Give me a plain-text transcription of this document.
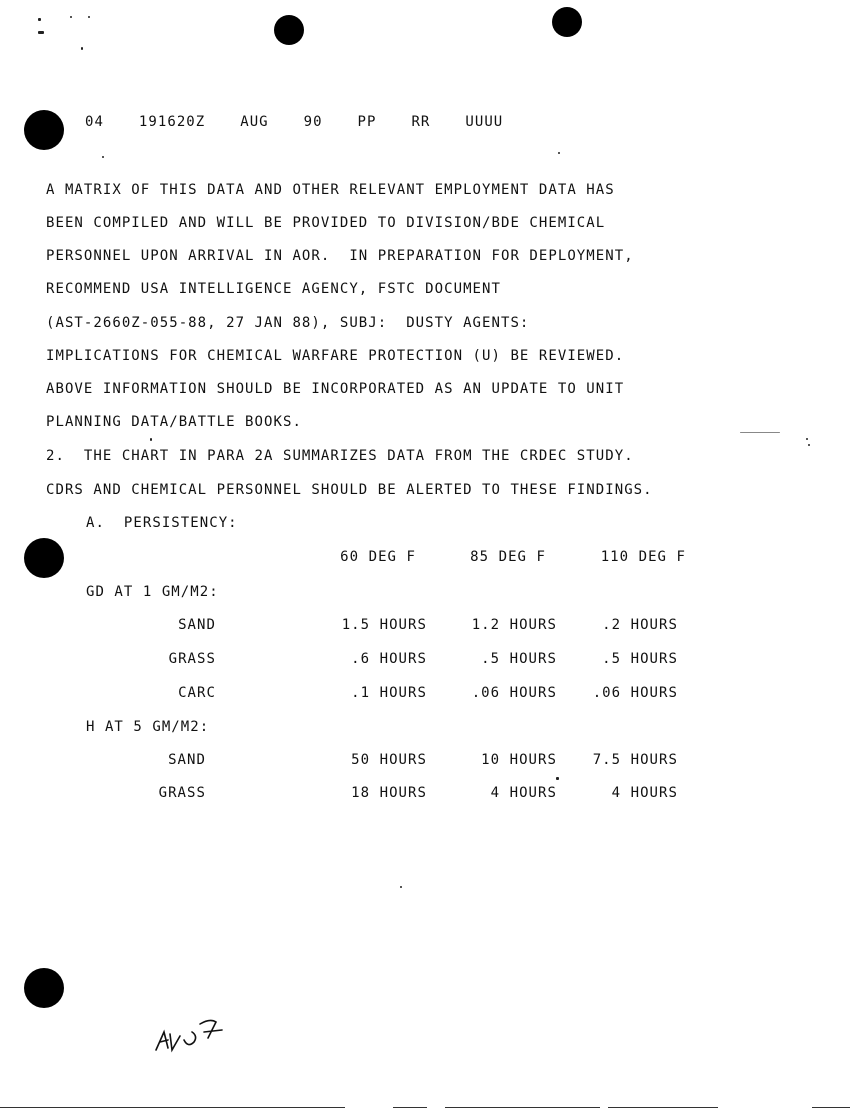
04  191620Z  AUG  90  PP  RR  UUUU
A MATRIX OF THIS DATA AND OTHER RELEVANT EMPLOYMENT DATA HAS
BEEN COMPILED AND WILL BE PROVIDED TO DIVISION/BDE CHEMICAL
PERSONNEL UPON ARRIVAL IN AOR.  IN PREPARATION FOR DEPLOYMENT,
RECOMMEND USA INTELLIGENCE AGENCY, FSTC DOCUMENT
(AST-2660Z-055-88, 27 JAN 88), SUBJ:  DUSTY AGENTS:
IMPLICATIONS FOR CHEMICAL WARFARE PROTECTION (U) BE REVIEWED.
ABOVE INFORMATION SHOULD BE INCORPORATED AS AN UPDATE TO UNIT
PLANNING DATA/BATTLE BOOKS.
2.  THE CHART IN PARA 2A SUMMARIZES DATA FROM THE CRDEC STUDY.
CDRS AND CHEMICAL PERSONNEL SHOULD BE ALERTED TO THESE FINDINGS.
A.  PERSISTENCY:
60 DEG F	85 DEG F	110 DEG F
GD AT 1 GM/M2:
SAND	1.5 HOURS	1.2 HOURS	.2 HOURS
GRASS	.6 HOURS	.5 HOURS	.5 HOURS
CARC	.1 HOURS	.06 HOURS	.06 HOURS
H AT 5 GM/M2:
SAND	50 HOURS	10 HOURS	7.5 HOURS
GRASS	18 HOURS	4 HOURS	4 HOURS
